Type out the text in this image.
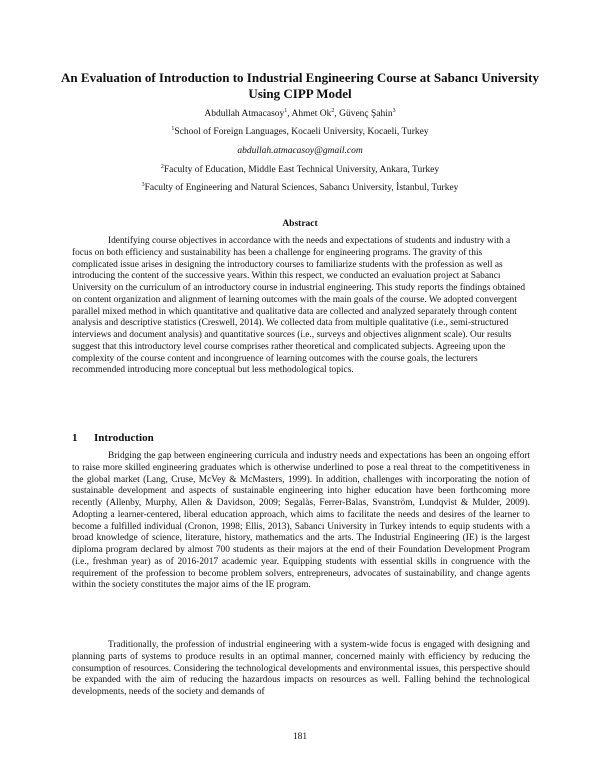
An Evaluation of Introduction to Industrial Engineering Course at Sabancı University Using CIPP Model
Abdullah Atmacasoy$^1$, Ahmet Ok$^2$, Güvenç Şahin$^3$
$^1$School of Foreign Languages, Kocaeli University, Kocaeli, Turkey
abdullah.atmacasoy@gmail.com
$^2$Faculty of Education, Middle East Technical University, Ankara, Turkey
$^3$Faculty of Engineering and Natural Sciences, Sabancı University, İstanbul, Turkey
Abstract

Identifying course objectives in accordance with the needs and expectations of students and industry with a focus on both efficiency and sustainability has been a challenge for engineering programs. The gravity of this complicated issue arises in designing the introductory courses to familiarize students with the profession as well as introducing the content of the successive years. Within this respect, we conducted an evaluation project at Sabancı University on the curriculum of an introductory course in industrial engineering. This study reports the findings obtained on content organization and alignment of learning outcomes with the main goals of the course. We adopted convergent parallel mixed method in which quantitative and qualitative data are collected and analyzed separately through content analysis and descriptive statistics (Creswell, 2014). We collected data from multiple qualitative (i.e., semi-structured interviews and document analysis) and quantitative sources (i.e., surveys and objectives alignment scale). Our results suggest that this introductory level course comprises rather theoretical and complicated subjects. Agreeing upon the complexity of the course content and incongruence of learning outcomes with the course goals, the lecturers recommended introducing more conceptual but less methodological topics.

1 Introduction

Bridging the gap between engineering curricula and industry needs and expectations has been an ongoing effort to raise more skilled engineering graduates which is otherwise underlined to pose a real threat to the competitiveness in the global market (Lang, Cruse, McVey & McMasters, 1999). In addition, challenges with incorporating the notion of sustainable development and aspects of sustainable engineering into higher education have been forthcoming more recently (Allenby, Murphy, Allen & Davidson, 2009; Segalàs, Ferrer-Balas, Svanström, Lundqvist & Mulder, 2009). Adopting a learner-centered, liberal education approach, which aims to facilitate the needs and desires of the learner to become a fulfilled individual (Cronon, 1998; Ellis, 2013), Sabancı University in Turkey intends to equip students with a broad knowledge of science, literature, history, mathematics and the arts. The Industrial Engineering (IE) is the largest diploma program declared by almost 700 students as their majors at the end of their Foundation Development Program (i.e., freshman year) as of 2016-2017 academic year. Equipping students with essential skills in congruence with the requirement of the profession to become problem solvers, entrepreneurs, advocates of sustainability, and change agents within the society constitutes the major aims of the IE program.

Traditionally, the profession of industrial engineering with a system-wide focus is engaged with designing and planning parts of systems to produce results in an optimal manner, concerned mainly with efficiency by reducing the consumption of resources. Considering the technological developments and environmental issues, this perspective should be expanded with the aim of reducing the hazardous impacts on resources as well. Falling behind the technological developments, needs of the society and demands of

181
